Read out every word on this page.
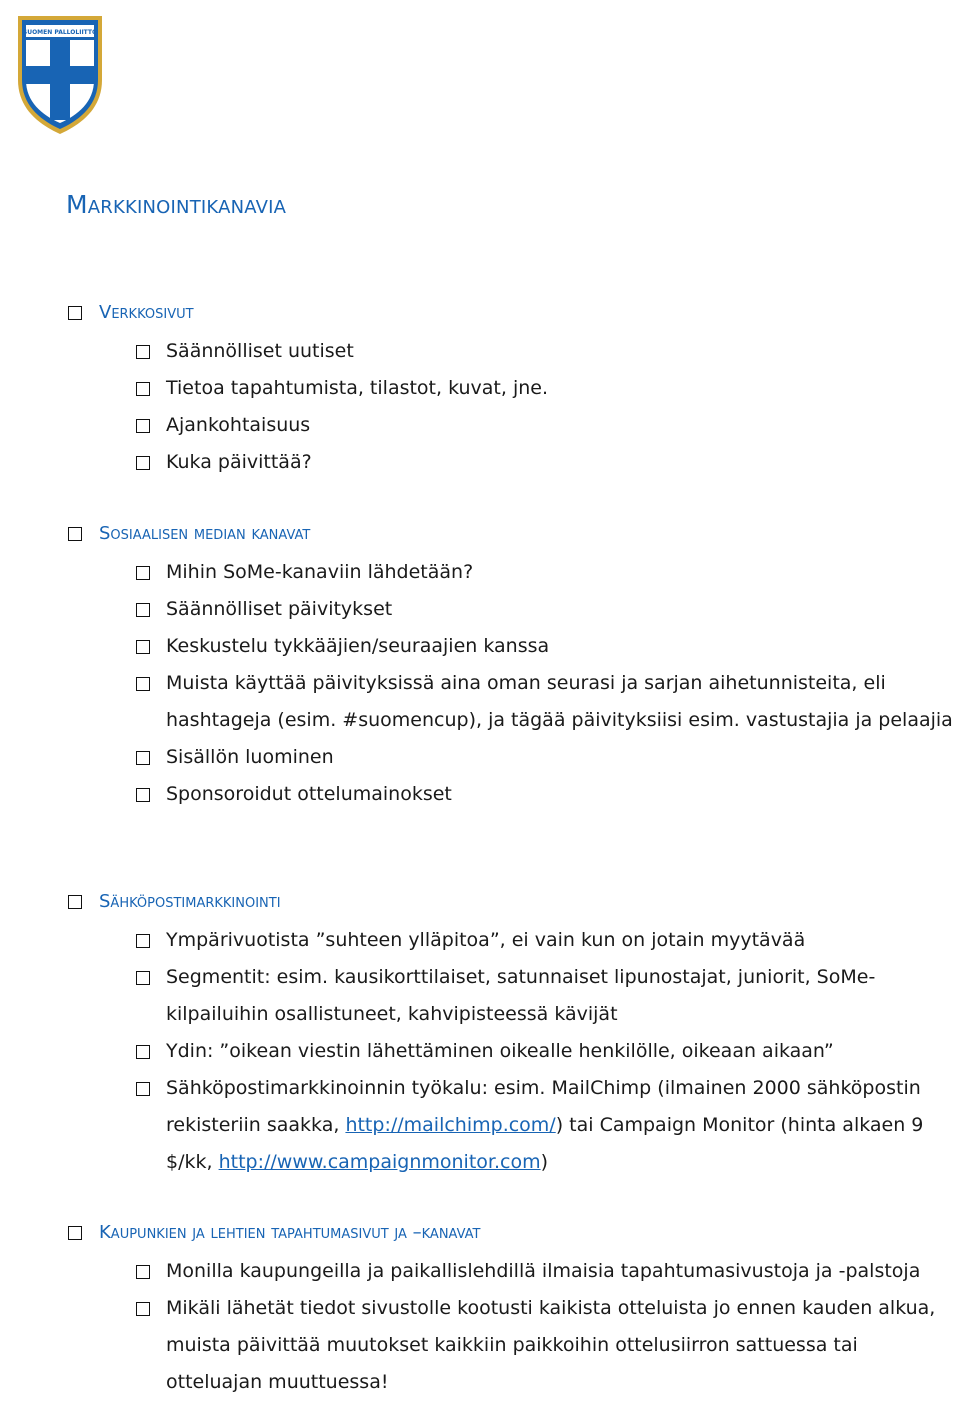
SUOMEN PALLOLIITTO
Markkinointikanavia
Verkkosivut
Säännölliset uutiset
Tietoa tapahtumista, tilastot, kuvat, jne.
Ajankohtaisuus
Kuka päivittää?
Sosiaalisen median kanavat
Mihin SoMe-kanaviin lähdetään?
Säännölliset päivitykset
Keskustelu tykkääjien/seuraajien kanssa
Muista käyttää päivityksissä aina oman seurasi ja sarjan aihetunnisteita, eli hashtageja (esim. #suomencup), ja tägää päivityksiisi esim. vastustajia ja pelaajia
Sisällön luominen
Sponsoroidut ottelumainokset
Sähköpostimarkkinointi
Ympärivuotista ”suhteen ylläpitoa”, ei vain kun on jotain myytävää
Segmentit: esim. kausikorttilaiset, satunnaiset lipunostajat, juniorit, SoMe-kilpailuihin osallistuneet, kahvipisteessä kävijät
Ydin: ”oikean viestin lähettäminen oikealle henkilölle, oikeaan aikaan”
Sähköpostimarkkinoinnin työkalu: esim. MailChimp (ilmainen 2000 sähköpostin rekisteriin saakka, http://mailchimp.com/) tai Campaign Monitor (hinta alkaen 9 $/kk, http://www.campaignmonitor.com)
Kaupunkien ja lehtien tapahtumasivut ja –kanavat
Monilla kaupungeilla ja paikallislehdillä ilmaisia tapahtumasivustoja ja -palstoja
Mikäli lähetät tiedot sivustolle kootusti kaikista otteluista jo ennen kauden alkua, muista päivittää muutokset kaikkiin paikkoihin ottelusiirron sattuessa tai otteluajan muuttuessa!
